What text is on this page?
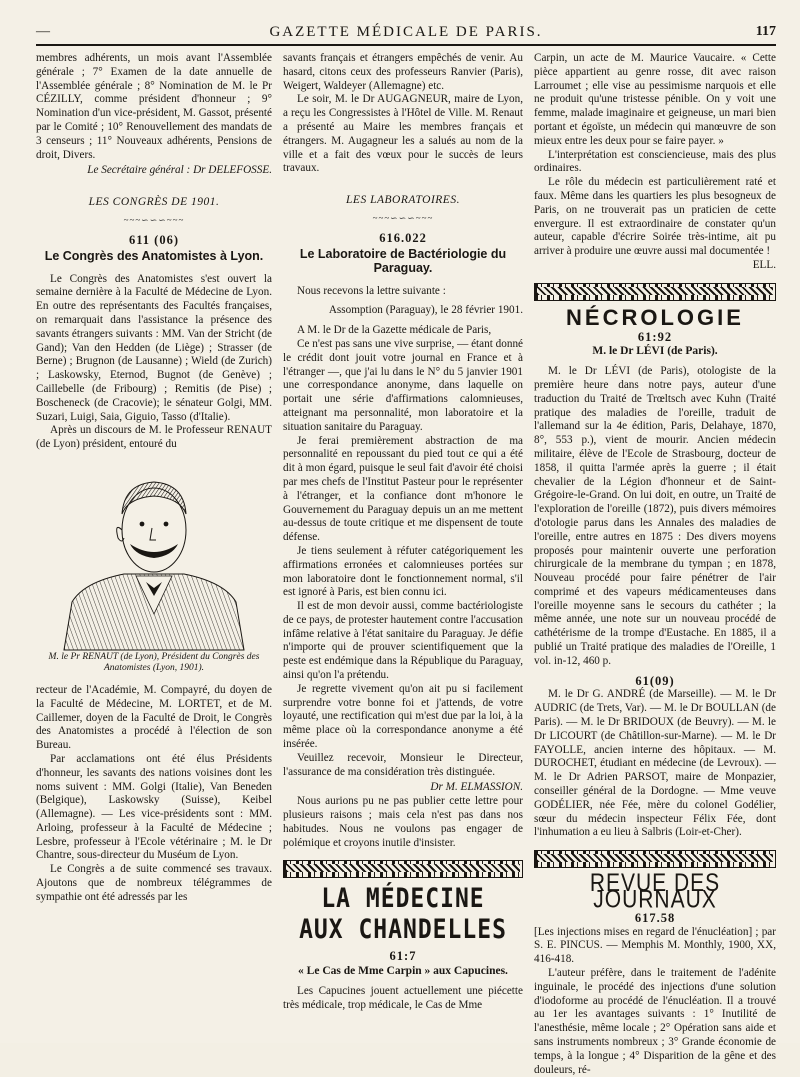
—	GAZETTE MÉDICALE DE PARIS.	117

membres adhérents, un mois avant l'Assemblée générale ; 7° Examen de la date annuelle de l'Assemblée générale ; 8° Nomination de M. le Pr CÉZILLY, comme président d'honneur ; 9° Nomination d'un vice-président, M. Gassot, présenté par le Comité ; 10° Renouvellement des mandats de 3 censeurs ; 11° Nouveaux adhérents, Pensions de droit, Divers.

Le Secrétaire général : Dr DELEFOSSE.

LES CONGRÈS DE 1901.
~~~∽∽∽~~~
611 (06)
Le Congrès des Anatomistes à Lyon.

Le Congrès des Anatomistes s'est ouvert la semaine dernière à la Faculté de Médecine de Lyon. En outre des représentants des Facultés françaises, on remarquait dans l'assistance la présence des savants étrangers suivants : MM. Van der Stricht (de Gand); Van den Hedden (de Liège) ; Strasser (de Berne) ; Brugnon (de Lausanne) ; Wield (de Zurich) ; Laskowsky, Eternod, Bugnot (de Genève) ; Caillebelle (de Fribourg) ; Remitis (de Pise) ; Boscheneck (de Cracovie); le sénateur Golgi, MM. Suzari, Luigi, Saia, Giguio, Tasso (d'Italie).

Après un discours de M. le Professeur RENAUT (de Lyon) président, entouré du

M. le Pr RENAUT (de Lyon), Président du Congrès des Anatomistes (Lyon, 1901).

recteur de l'Académie, M. Compayré, du doyen de la Faculté de Médecine, M. LORTET, et de M. Caillemer, doyen de la Faculté de Droit, le Congrès des Anatomistes a procédé à l'élection de son Bureau.

Par acclamations ont été élus Présidents d'honneur, les savants des nations voisines dont les noms suivent : MM. Golgi (Italie), Van Beneden (Belgique), Laskowsky (Suisse), Keibel (Allemagne). — Les vice-présidents sont : MM. Arloing, professeur à la Faculté de Médecine ; Lesbre, professeur à l'Ecole vétérinaire ; M. le Dr Chantre, sous-directeur du Muséum de Lyon.

Le Congrès a de suite commencé ses travaux. Ajoutons que de nombreux télégrammes de sympathie ont été adressés par les

savants français et étrangers empêchés de venir. Au hasard, citons ceux des professeurs Ranvier (Paris), Weigert, Waldeyer (Allemagne) etc.

Le soir, M. le Dr AUGAGNEUR, maire de Lyon, a reçu les Congressistes à l'Hôtel de Ville. M. Renaut a présenté au Maire les membres français et étrangers. M. Augagneur les a salués au nom de la ville et a fait des vœux pour le succès de leurs travaux.

LES LABORATOIRES.
~~~∽∽∽~~~
616.022
Le Laboratoire de Bactériologie du Paraguay.

Nous recevons la lettre suivante :

Assomption (Paraguay), le 28 février 1901.

A M. le Dr de la Gazette médicale de Paris,

Ce n'est pas sans une vive surprise, — étant donné le crédit dont jouit votre journal en France et à l'étranger —, que j'ai lu dans le N° du 5 janvier 1901 une correspondance anonyme, dans laquelle on portait une série d'affirmations calomnieuses, atteignant ma personnalité, mon laboratoire et la situation sanitaire du Paraguay.

Je ferai premièrement abstraction de ma personnalité en repoussant du pied tout ce qui a été dit à mon égard, puisque le seul fait d'avoir été choisi par mes chefs de l'Institut Pasteur pour le représenter à l'étranger, et la confiance dont m'honore le Gouvernement du Paraguay depuis un an me mettent au-dessus de toute critique et me dispensent de toute défense.

Je tiens seulement à réfuter catégoriquement les affirmations erronées et calomnieuses portées sur mon laboratoire dont le fonctionnement normal, s'il est ignoré à Paris, est bien connu ici.

Il est de mon devoir aussi, comme bactériologiste de ce pays, de protester hautement contre l'accusation infâme relative à l'état sanitaire du Paraguay. Je défie n'importe qui de prouver scientifiquement que la peste est endémique dans la République du Paraguay, ainsi qu'on l'a prétendu.

Je regrette vivement qu'on ait pu si facilement surprendre votre bonne foi et j'attends, de votre loyauté, une rectification qui m'est due par la loi, à la même place où la correspondance anonyme a été insérée.

Veuillez recevoir, Monsieur le Directeur, l'assurance de ma considération très distinguée.

Dr M. ELMASSION.

Nous aurions pu ne pas publier cette lettre pour plusieurs raisons ; mais cela n'est pas dans nos habitudes. Nous ne voulons pas engager de polémique et croyons inutile d'insister.

LA MÉDECINE
AUX CHANDELLES
61:7
« Le Cas de Mme Carpin » aux Capucines.

Les Capucines jouent actuellement une piécette très médicale, trop médicale, le Cas de Mme

Carpin, un acte de M. Maurice Vaucaire. « Cette pièce appartient au genre rosse, dit avec raison Larroumet ; elle vise au pessimisme narquois et elle ne produit qu'une tristesse pénible. On y voit une femme, malade imaginaire et geigneuse, un mari bien portant et égoïste, un médecin qui manœuvre de son mieux entre les deux pour se faire payer. »

L'interprétation est consciencieuse, mais des plus ordinaires.

Le rôle du médecin est particulièrement raté et faux. Même dans les quartiers les plus besogneux de Paris, on ne trouverait pas un praticien de cette envergure. Il est extraordinaire de constater qu'un auteur, capable d'écrire Soirée très-intime, ait pu arriver à produire une œuvre aussi mal documentée !

ELL.
NÉCROLOGIE
61:92
M. le Dr LÉVI (de Paris).

M. le Dr LÉVI (de Paris), otologiste de la première heure dans notre pays, auteur d'une traduction du Traité de Trœltsch avec Kuhn (Traité pratique des maladies de l'oreille, traduit de l'allemand sur la 4e édition, Paris, Delahaye, 1870, 8°, 553 p.), vient de mourir. Ancien médecin militaire, élève de l'Ecole de Strasbourg, docteur de 1858, il quitta l'armée après la guerre ; il était chevalier de la Légion d'honneur et de Saint-Grégoire-le-Grand. On lui doit, en outre, un Traité de l'exploration de l'oreille (1872), puis divers mémoires d'otologie parus dans les Annales des maladies de l'oreille, entre autres en 1875 : Des divers moyens proposés pour maintenir ouverte une perforation chirurgicale de la membrane du tympan ; en 1878, Nouveau procédé pour faire pénétrer de l'air comprimé et des vapeurs médicamenteuses dans l'oreille moyenne sans le secours du cathéter ; la même année, une note sur un nouveau procédé de cathétérisme de la trompe d'Eustache. En 1885, il a publié un Traité pratique des maladies de l'Oreille, 1 vol. in-12, 460 p.

61(09)

M. le Dr G. ANDRÉ (de Marseille). — M. le Dr AUDRIC (de Trets, Var). — M. le Dr BOULLAN (de Paris). — M. le Dr BRIDOUX (de Beuvry). — M. le Dr LICOURT (de Châtillon-sur-Marne). — M. le Dr FAYOLLE, ancien interne des hôpitaux. — M. DUROCHET, étudiant en médecine (de Levroux). — M. le Dr Adrien PARSOT, maire de Monpazier, conseiller général de la Dordogne. — Mme veuve GODÉLIER, née Fée, mère du colonel Godélier, sœur du médecin inspecteur Félix Fée, dont l'inhumation a eu lieu à Salbris (Loir-et-Cher).

REVUE DES JOURNAUX
617.58

[Les injections mises en regard de l'énucléation] ; par S. E. PINCUS. — Memphis M. Monthly, 1900, XX, 416-418.

L'auteur préfère, dans le traitement de l'adénite inguinale, le procédé des injections d'une solution d'iodoforme au procédé de l'énucléation. Il a trouvé au 1er les avantages suivants : 1° Inutilité de l'anesthésie, même locale ; 2° Opération sans aide et sans instruments nombreux ; 3° Grande économie de temps, à la longue ; 4° Disparition de la gêne et des douleurs, ré-
